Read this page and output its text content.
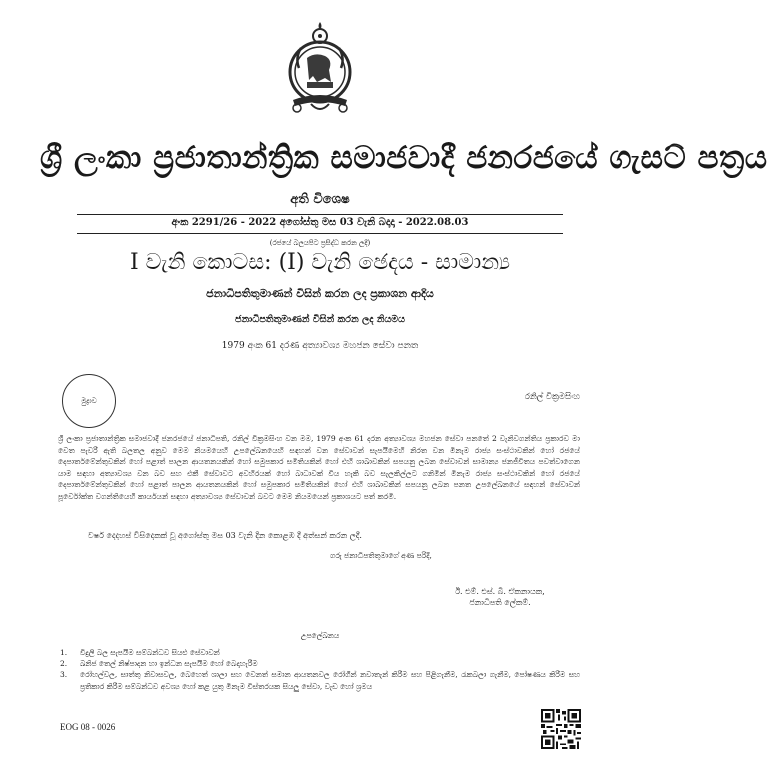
ශ්‍රී ලංකා ප්‍රජාතාන්ත්‍රික සමාජවාදී ජනරජයේ ගැසට් පත්‍රය
අති විශෙෂ
අංක 2291/26 - 2022 අගෝස්තු මස 03 වැනි බදාදා - 2022.08.03
(රජයේ බලයපිට ප්‍රසිද්ධ කරන ලදී)
I වැනි කොටස: (I) වැනි ඡෙදය - සාමාන්‍ය
ජනාධිපතිතුමාණන් විසින් කරන ලද ප්‍රකාශන ආදිය
ජනාධිපතිතුමාණන් විසින් කරන ලද නියමය
1979 අංක 61 දරණ අත්‍යාවශ්‍ය මහජන සේවා පනත
මුද්‍රාව	රනිල් වික්‍රමසිංහ
ශ්‍රී ලංකා ප්‍රජාතාන්ත්‍රික සමාජවාදී ජනරජයේ ජනාධිපති, රනිල් වික්‍රමසිංහ වන මම, 1979 අංක 61 දරන අත්‍යාවශ්‍ය මහජන සේවා පනතේ 2 වැනිවගන්තිය ප්‍රකාරව මා වෙත පැවරී ඇති බලතල අනුව මෙම නියමයෙහි උපලේඛනයෙහි සඳහන් වන සේවාවන් සැපයීමෙහි නිරත වන මිනැම රාජ්‍ය සංස්ථාවකින් හෝ රජයේ දෙපාර්තමේන්තුවකින් හෝ පළාත් පාලන ආයතනයකින් හෝ සමුපකාර සමිතියකින් හෝ එහි ශාඛාවකින් සපයනු ලබන සේවාවන් සාමාන්‍ය ජනජීවිතය පවත්වාගෙන යාම සඳහා අත්‍යාවශ්‍ය වන බව සහ එකී සේවාවට අවහිරයක් හෝ බාධාවක් විය හැකි බව සැලකිල්ලට ගනිමින් මිනැම රාජ්‍ය සංස්ථාවකින් හෝ රජයේ දෙපාර්තමේන්තුවකින් හෝ පළාත් පාලන ආයතනයකින් හෝ සමුපකාර සමිතියකින් හෝ එහි ශාඛාවකින් සපයනු ලබන පනත උපලේඛනයේ සඳහන් සේවාවන් පූර්වෝක්ත වගන්තියෙහි කාර්යයන් සඳහා අත්‍යාවශ්‍ය සේවාවන් බවට මෙම නියමයෙන් ප්‍රකාශයට පත් කරමි.
වර්ෂ දෙදහස් විසිදෙකක් වූ අගෝස්තු මස 03 වැනි දින කොළඹ දී අත්සන් කරන ලදී.
ගරු ජනාධිපතිතුමාගේ අණ පරිදි,
ඊ. එම්. එස්. බී. ඒකනායක,
ජනාධිපති ලේකම්.
උපලේඛනය
1.	විදුලි බල සැපයීම සම්බන්ධව සියළු සේවාවන්
2.	ඛනිජ තෙල් නිෂ්පාදන හා ඉන්ධන සැපයීම හෝ බෙදාහැරීම
3.	රෝහල්වල, සාත්තු නිවාසවල, බෙහෙත් ශාලා සහ වෙනත් සමාන ආයතනවල රෝගීන් නවාතැන් කිරීම සහ පිළිගැනීම, රැකබලා ගැනීම, පෝෂණය කිරීම සහ ප්‍රතිකාර කිරීම සම්බන්ධව අවශ්‍ය හෝ කළ යුතු මිනැම විස්තරයක සියලු සේවා, වැඩ හෝ ශ්‍රමය
EOG 08 - 0026
